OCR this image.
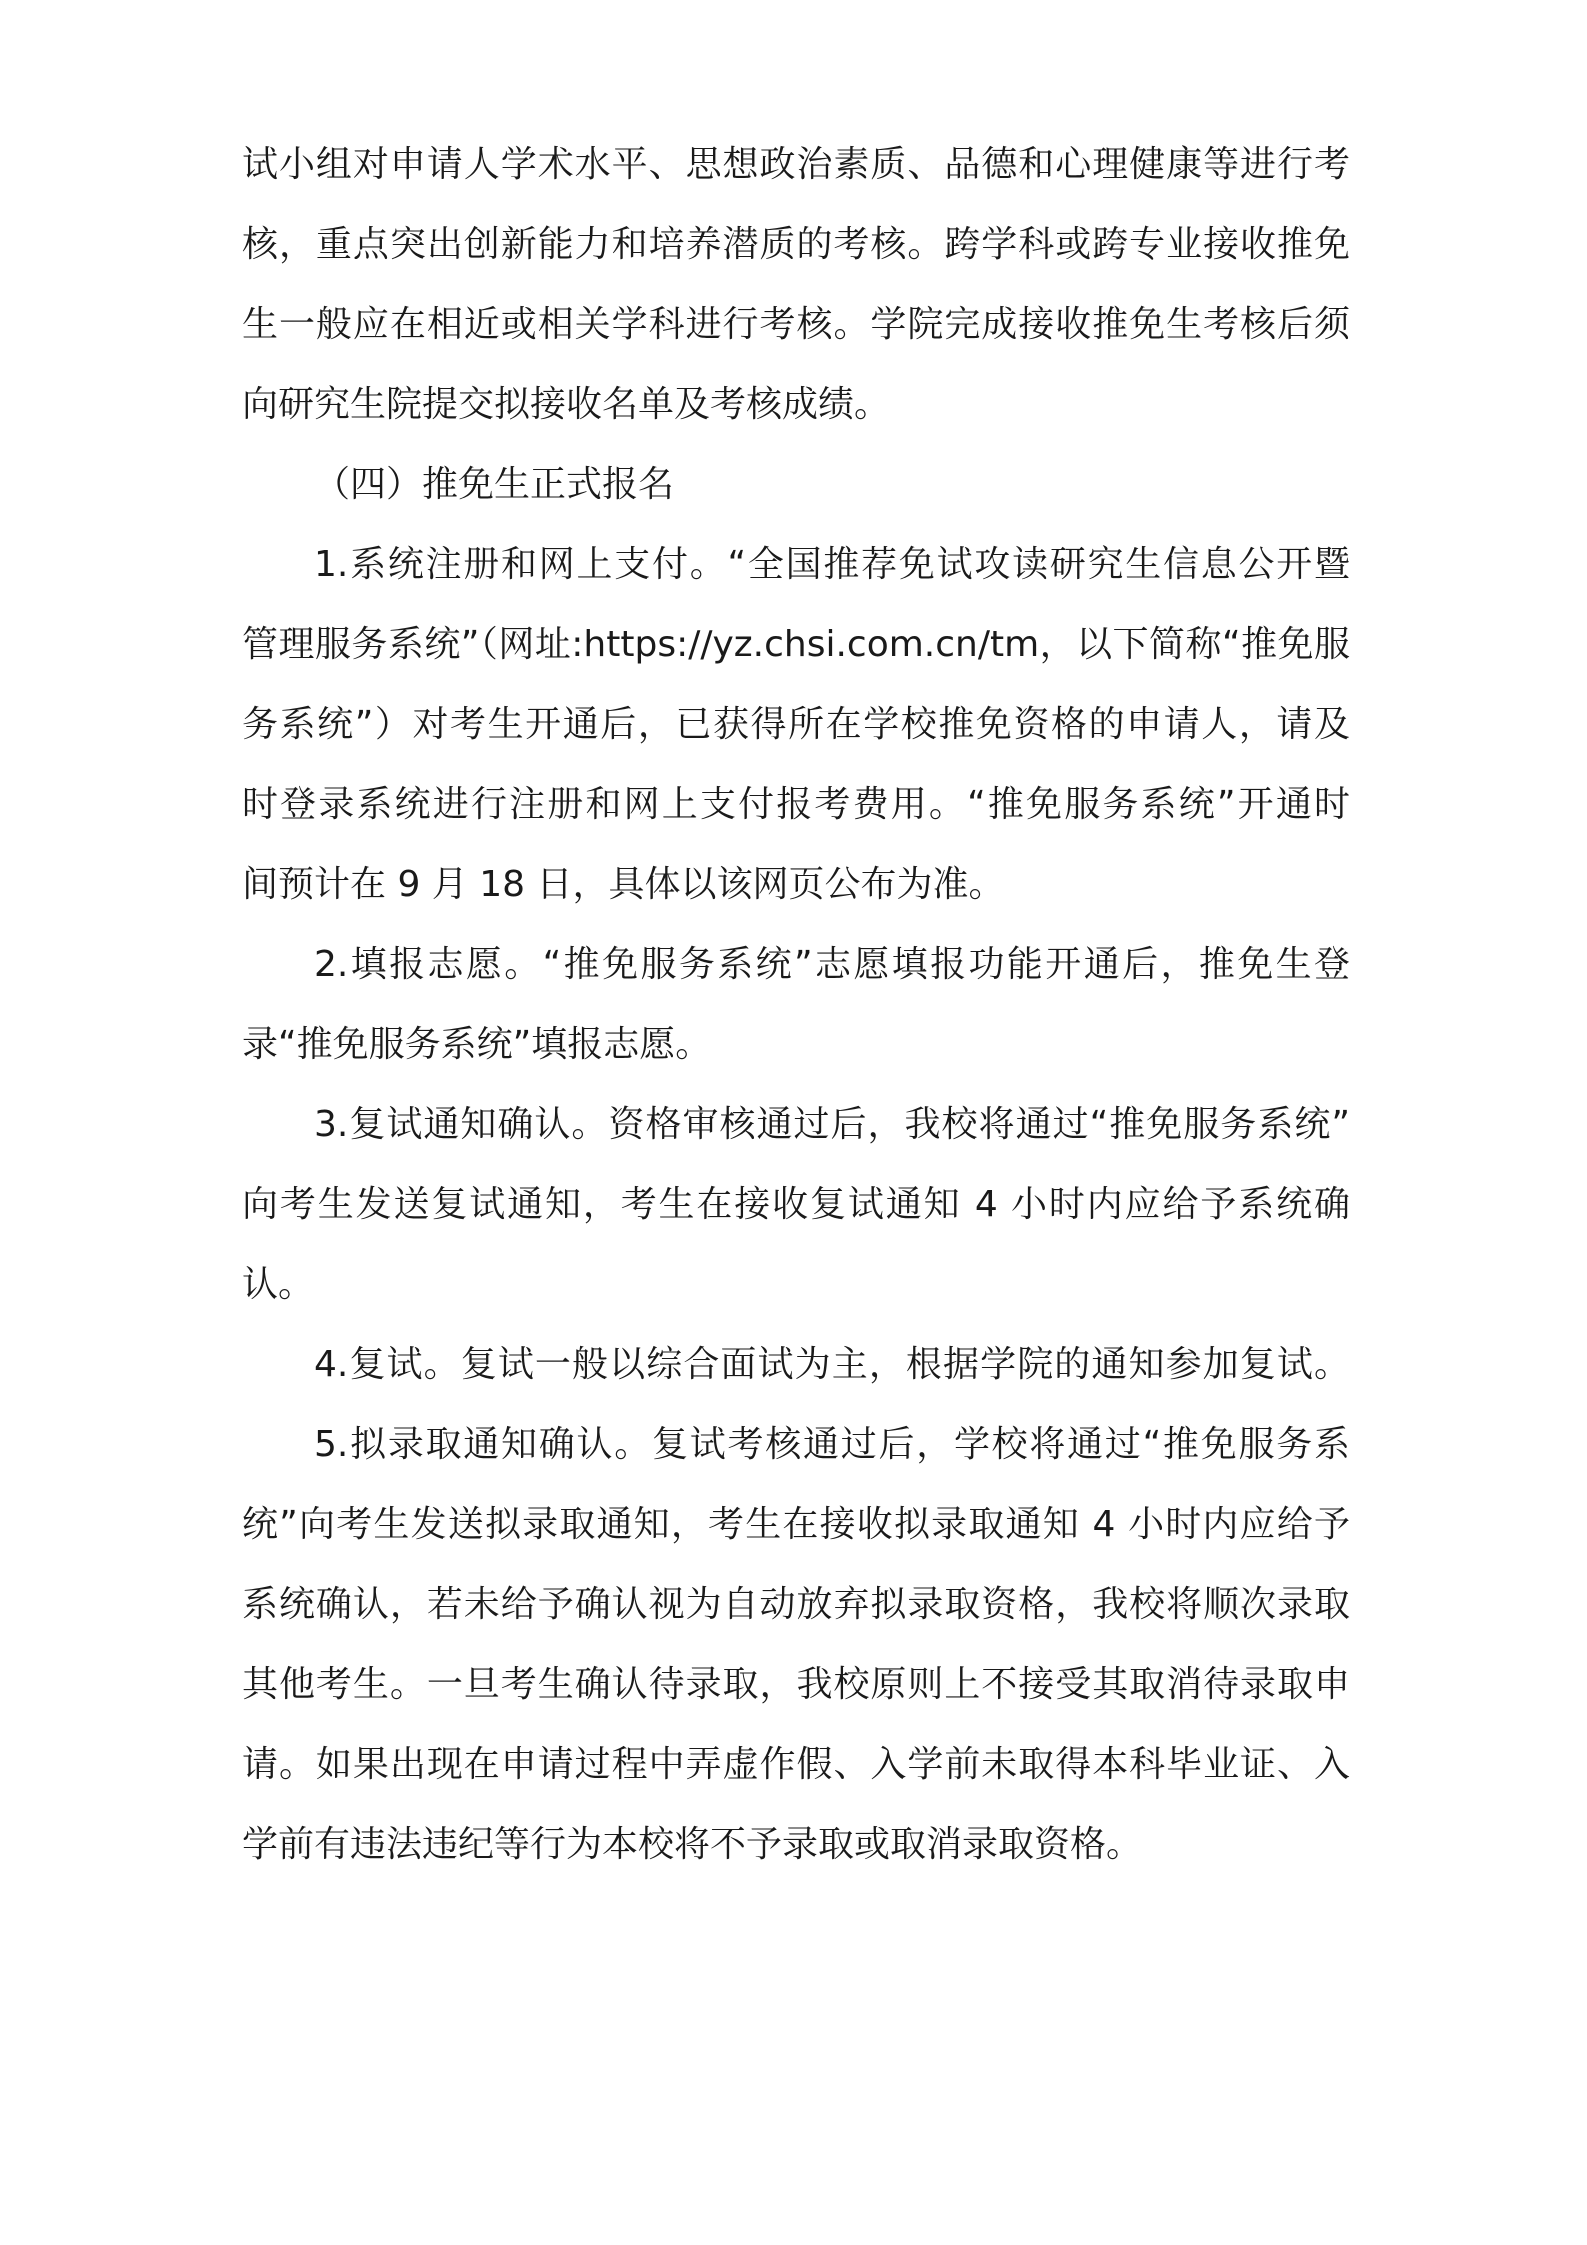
试小组对申请人学术水平、思想政治素质、品德和心理健康等进行考
核，重点突出创新能力和培养潜质的考核。跨学科或跨专业接收推免
生一般应在相近或相关学科进行考核。学院完成接收推免生考核后须
向研究生院提交拟接收名单及考核成绩。
（四）推免生正式报名
1.系统注册和网上支付。“全国推荐免试攻读研究生信息公开暨
管理服务系统”（网址:https://yz.chsi.com.cn/tm，以下简称“推免服
务系统”）对考生开通后，已获得所在学校推免资格的申请人，请及
时登录系统进行注册和网上支付报考费用。“推免服务系统”开通时
间预计在 9 月 18 日，具体以该网页公布为准。
2.填报志愿。“推免服务系统”志愿填报功能开通后，推免生登
录“推免服务系统”填报志愿。
3.复试通知确认。资格审核通过后，我校将通过“推免服务系统”
向考生发送复试通知，考生在接收复试通知 4 小时内应给予系统确
认。
4.复试。复试一般以综合面试为主，根据学院的通知参加复试。
5.拟录取通知确认。复试考核通过后，学校将通过“推免服务系
统”向考生发送拟录取通知，考生在接收拟录取通知 4 小时内应给予
系统确认，若未给予确认视为自动放弃拟录取资格，我校将顺次录取
其他考生。一旦考生确认待录取，我校原则上不接受其取消待录取申
请。如果出现在申请过程中弄虚作假、入学前未取得本科毕业证、入
学前有违法违纪等行为本校将不予录取或取消录取资格。
